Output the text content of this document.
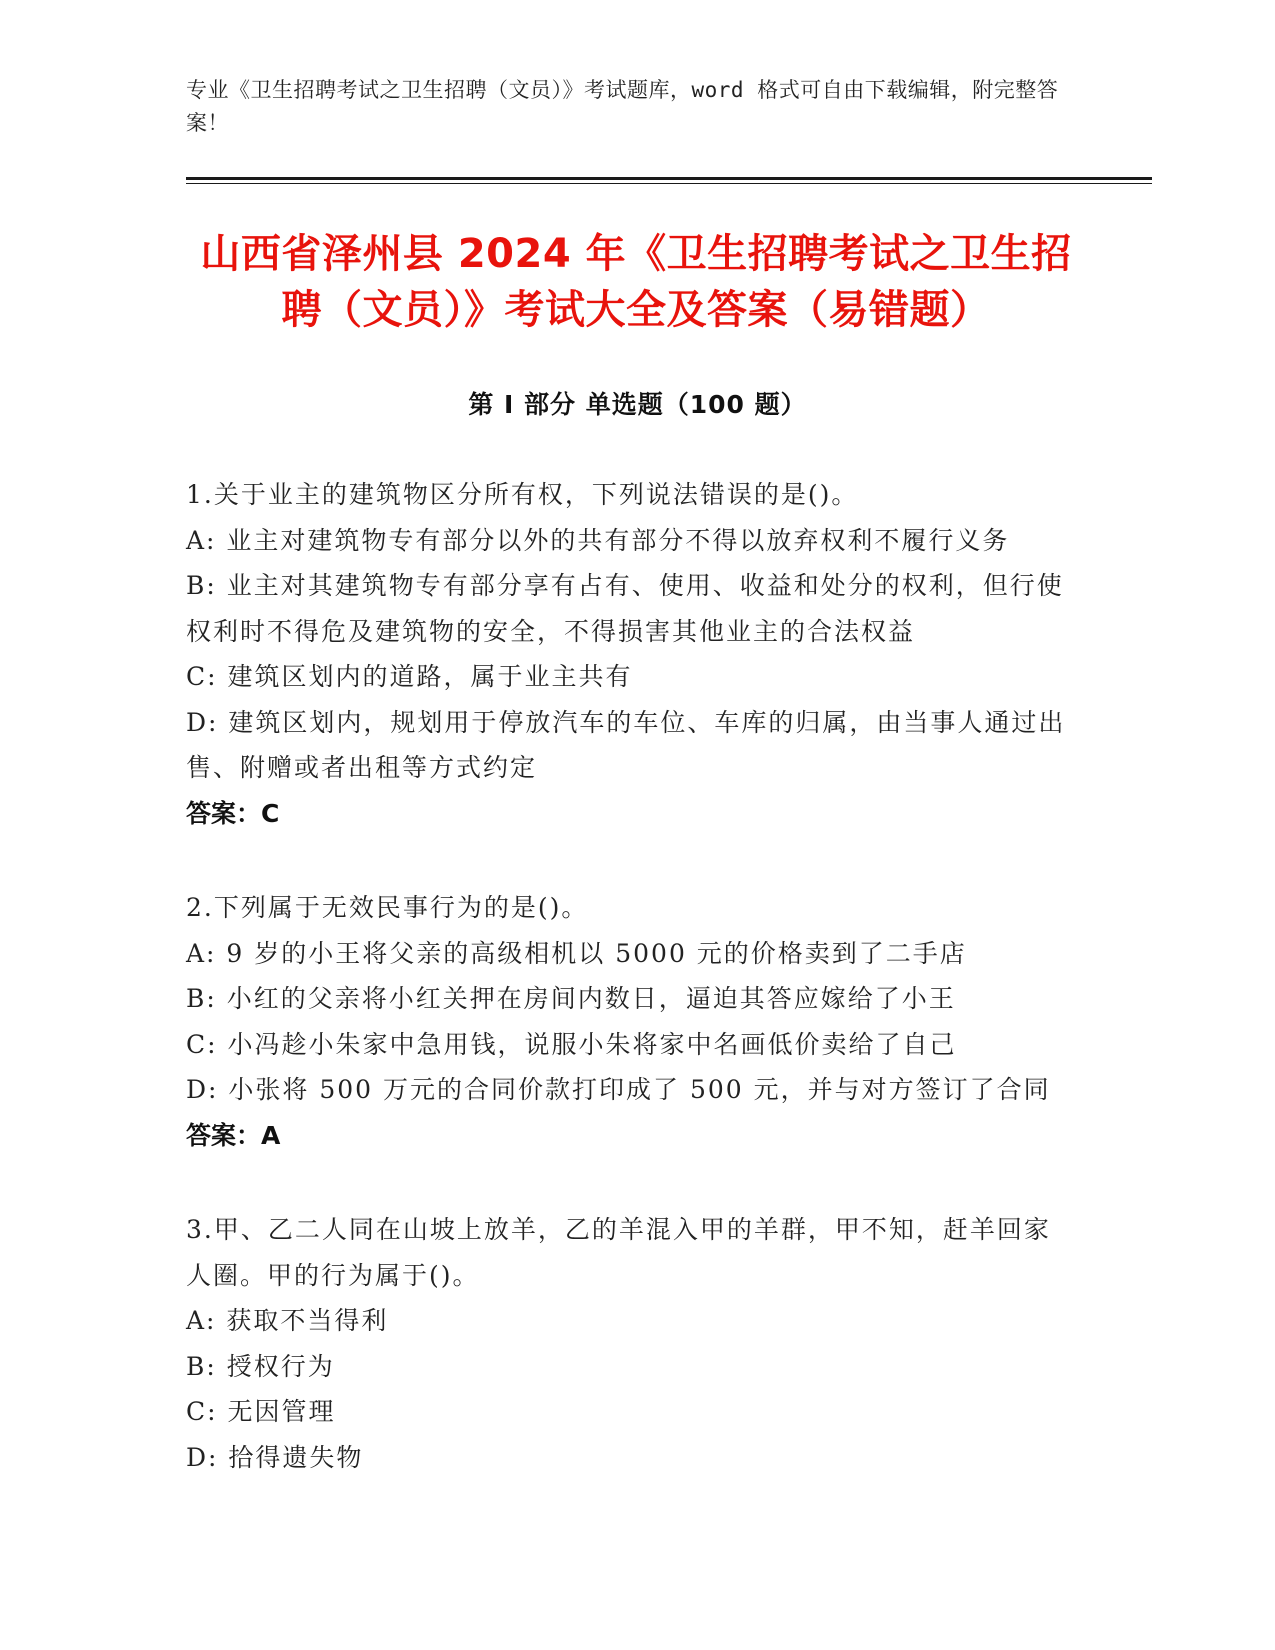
专业《卫生招聘考试之卫生招聘（文员）》考试题库，word 格式可自由下载编辑，附完整答案！
山西省泽州县 2024 年《卫生招聘考试之卫生招聘（文员）》考试大全及答案（易错题）
第 I 部分 单选题（100 题）
1.关于业主的建筑物区分所有权，下列说法错误的是()。
A: 业主对建筑物专有部分以外的共有部分不得以放弃权利不履行义务
B: 业主对其建筑物专有部分享有占有、使用、收益和处分的权利，但行使权利时不得危及建筑物的安全，不得损害其他业主的合法权益
C: 建筑区划内的道路，属于业主共有
D: 建筑区划内，规划用于停放汽车的车位、车库的归属，由当事人通过出售、附赠或者出租等方式约定
答案：C
2.下列属于无效民事行为的是()。
A: 9 岁的小王将父亲的高级相机以 5000 元的价格卖到了二手店
B: 小红的父亲将小红关押在房间内数日，逼迫其答应嫁给了小王
C: 小冯趁小朱家中急用钱，说服小朱将家中名画低价卖给了自己
D: 小张将 500 万元的合同价款打印成了 500 元，并与对方签订了合同
答案：A
3.甲、乙二人同在山坡上放羊，乙的羊混入甲的羊群，甲不知，赶羊回家人圈。甲的行为属于()。
A: 获取不当得利
B: 授权行为
C: 无因管理
D: 拾得遗失物
